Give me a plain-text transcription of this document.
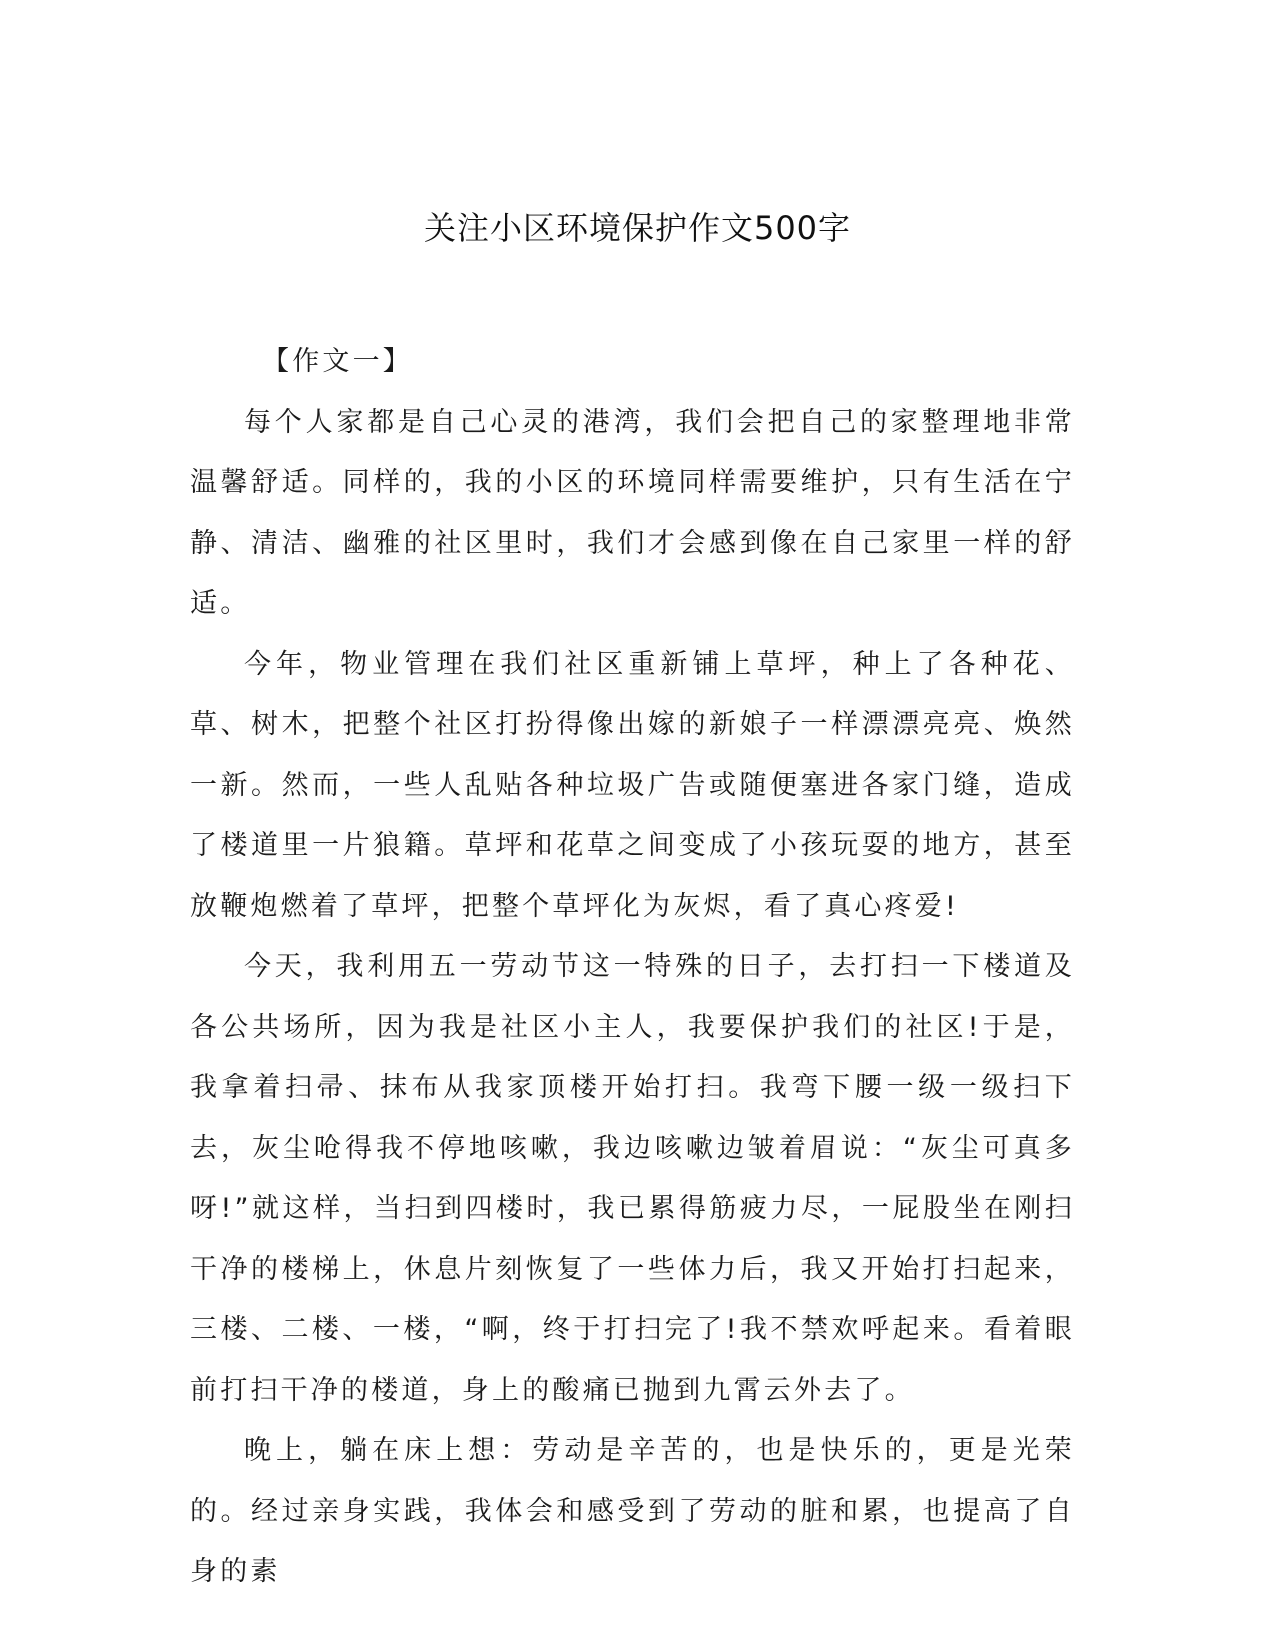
关注小区环境保护作文500字

【作文一】

每个人家都是自己心灵的港湾，我们会把自己的家整理地非常温馨舒适。同样的，我的小区的环境同样需要维护，只有生活在宁静、清洁、幽雅的社区里时，我们才会感到像在自己家里一样的舒适。

今年，物业管理在我们社区重新铺上草坪，种上了各种花、草、树木，把整个社区打扮得像出嫁的新娘子一样漂漂亮亮、焕然一新。然而，一些人乱贴各种垃圾广告或随便塞进各家门缝，造成了楼道里一片狼籍。草坪和花草之间变成了小孩玩耍的地方，甚至放鞭炮燃着了草坪，把整个草坪化为灰烬，看了真心疼爱!

今天，我利用五一劳动节这一特殊的日子，去打扫一下楼道及各公共场所，因为我是社区小主人，我要保护我们的社区!于是，我拿着扫帚、抹布从我家顶楼开始打扫。我弯下腰一级一级扫下去，灰尘呛得我不停地咳嗽，我边咳嗽边皱着眉说：“灰尘可真多呀!”就这样，当扫到四楼时，我已累得筋疲力尽，一屁股坐在刚扫干净的楼梯上，休息片刻恢复了一些体力后，我又开始打扫起来，三楼、二楼、一楼，“啊，终于打扫完了!我不禁欢呼起来。看着眼前打扫干净的楼道，身上的酸痛已抛到九霄云外去了。

晚上，躺在床上想：劳动是辛苦的，也是快乐的，更是光荣的。经过亲身实践，我体会和感受到了劳动的脏和累，也提高了自身的素
